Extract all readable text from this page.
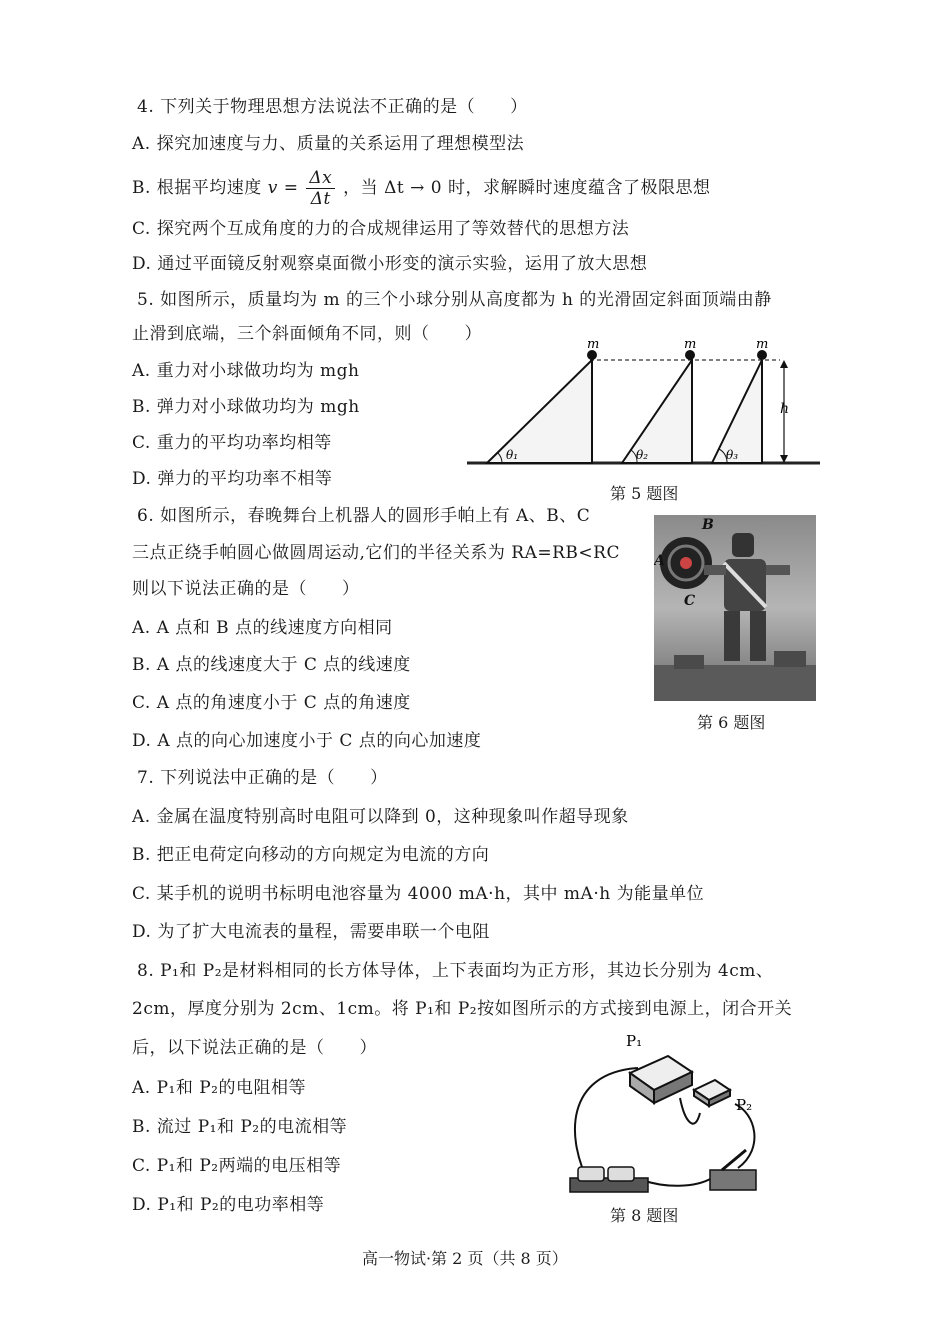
4. 下列关于物理思想方法说法不正确的是（　　）
A. 探究加速度与力、质量的关系运用了理想模型法
B. 根据平均速度 $v = \frac{\Delta x}{\Delta t}$ ，当 Δt → 0 时，求解瞬时速度蕴含了极限思想
C. 探究两个互成角度的力的合成规律运用了等效替代的思想方法
D. 通过平面镜反射观察桌面微小形变的演示实验，运用了放大思想
5. 如图所示，质量均为 m 的三个小球分别从高度都为 h 的光滑固定斜面顶端由静
止滑到底端，三个斜面倾角不同，则（　　）
A. 重力对小球做功均为 mgh
B. 弹力对小球做功均为 mgh
C. 重力的平均功率均相等
D. 弹力的平均功率不相等
m	m	m
θ₁	θ₂	θ₃
h
第 5 题图
6. 如图所示，春晚舞台上机器人的圆形手帕上有 A、B、C
三点正绕手帕圆心做圆周运动,它们的半径关系为 RA=RB<RC
则以下说法正确的是（　　）
A. A 点和 B 点的线速度方向相同
B. A 点的线速度大于 C 点的线速度
C. A 点的角速度小于 C 点的角速度
D. A 点的向心加速度小于 C 点的向心加速度
B
A
C
第 6 题图
7. 下列说法中正确的是（　　）
A. 金属在温度特别高时电阻可以降到 0，这种现象叫作超导现象
B. 把正电荷定向移动的方向规定为电流的方向
C. 某手机的说明书标明电池容量为 4000 mA·h，其中 mA·h 为能量单位
D. 为了扩大电流表的量程，需要串联一个电阻
8. P₁和 P₂是材料相同的长方体导体，上下表面均为正方形，其边长分别为 4cm、
2cm，厚度分别为 2cm、1cm。将 P₁和 P₂按如图所示的方式接到电源上，闭合开关
后，以下说法正确的是（　　）
A. P₁和 P₂的电阻相等
B. 流过 P₁和 P₂的电流相等
C. P₁和 P₂两端的电压相等
D. P₁和 P₂的电功率相等
P₁
P₂
第 8 题图
高一物试·第 2 页（共 8 页）
